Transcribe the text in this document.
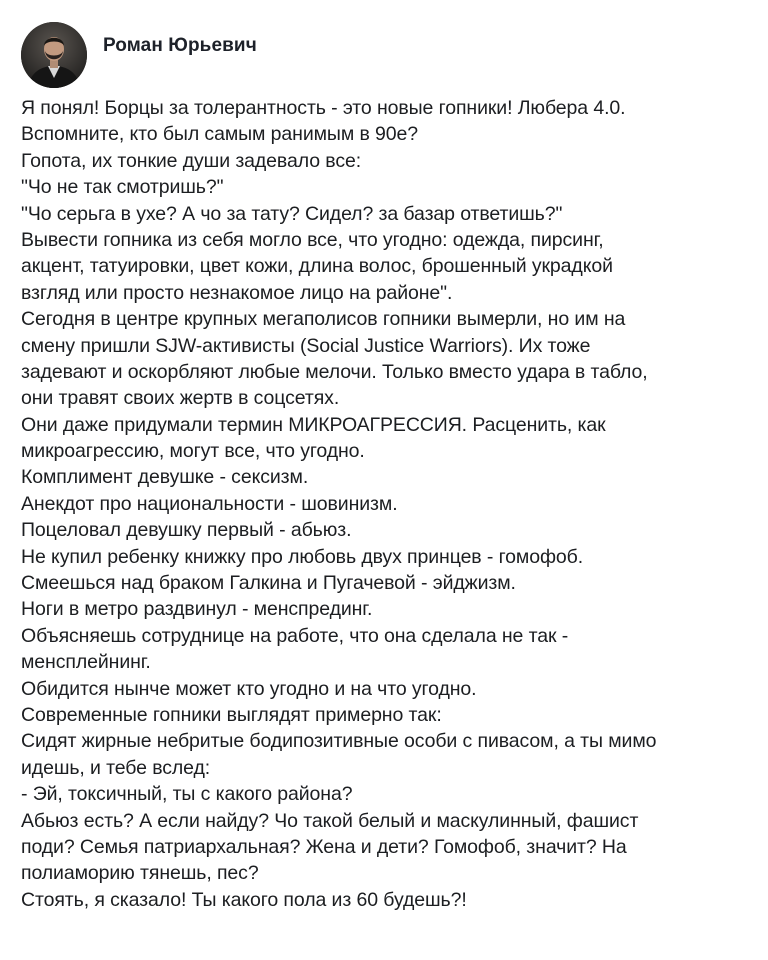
Роман Юрьевич
Я понял! Борцы за толерантность - это новые гопники! Любера 4.0.
Вспомните, кто был самым ранимым в 90е?
Гопота, их тонкие души задевало все:
"Чо не так смотришь?"
"Чо серьга в ухе? А чо за тату? Сидел? за базар ответишь?"
Вывести гопника из себя могло все, что угодно: одежда, пирсинг,
акцент, татуировки, цвет кожи, длина волос, брошенный украдкой
взгляд или просто незнакомое лицо на районе".
Сегодня в центре крупных мегаполисов гопники вымерли, но им на
смену пришли SJW-активисты (Social Justice Warriors). Их тоже
задевают и оскорбляют любые мелочи. Только вместо удара в табло,
они травят своих жертв в соцсетях.
Они даже придумали термин МИКРОАГРЕССИЯ. Расценить, как
микроагрессию, могут все, что угодно.
Комплимент девушке - сексизм.
Анекдот про национальности - шовинизм.
Поцеловал девушку первый - абьюз.
Не купил ребенку книжку про любовь двух принцев - гомофоб.
Смеешься над браком Галкина и Пугачевой - эйджизм.
Ноги в метро раздвинул - менспрединг.
Объясняешь сотруднице на работе, что она сделала не так -
менсплейнинг.
Обидится нынче может кто угодно и на что угодно.
Современные гопники выглядят примерно так:
Сидят жирные небритые бодипозитивные особи с пивасом, а ты мимо
идешь, и тебе вслед:
- Эй, токсичный, ты с какого района?
Абьюз есть? А если найду? Чо такой белый и маскулинный, фашист
поди? Семья патриархальная? Жена и дети? Гомофоб, значит? На
полиаморию тянешь, пес?
Стоять, я сказало! Ты какого пола из 60 будешь?!
